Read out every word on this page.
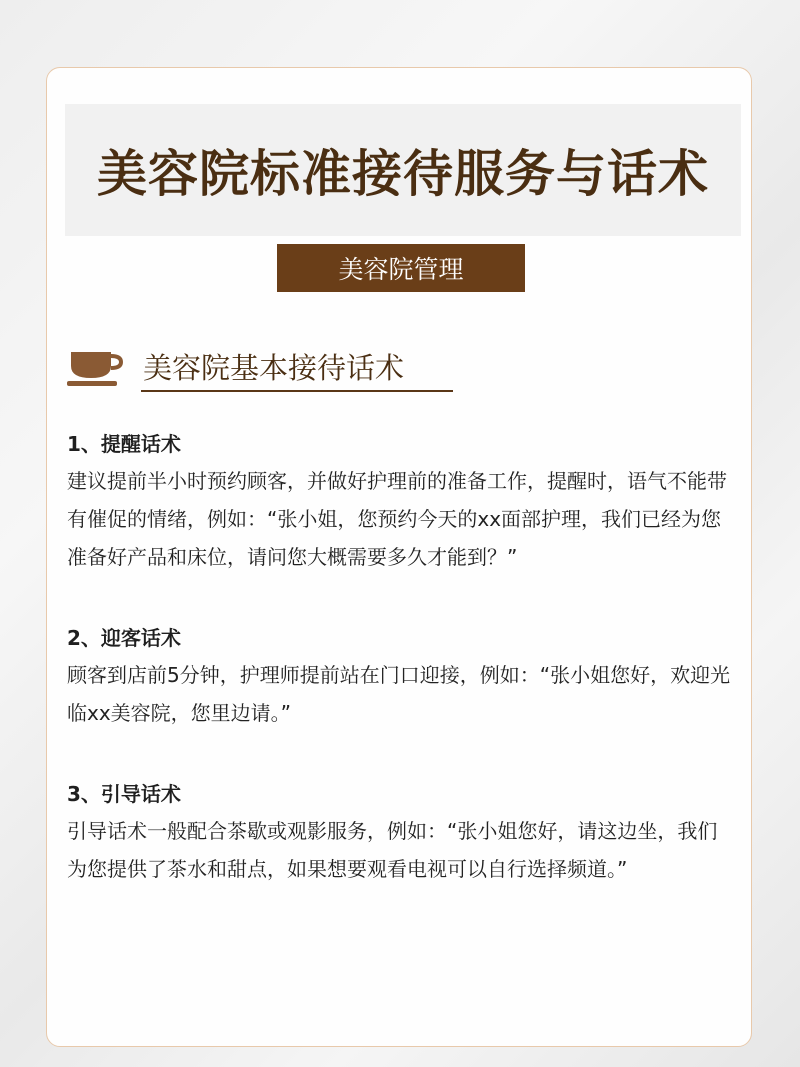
美容院标准接待服务与话术
美容院管理
美容院基本接待话术
1、提醒话术

建议提前半小时预约顾客，并做好护理前的准备工作，提醒时，语气不能带有催促的情绪，例如：“张小姐，您预约今天的xx面部护理，我们已经为您准备好产品和床位，请问您大概需要多久才能到？”

2、迎客话术

顾客到店前5分钟，护理师提前站在门口迎接，例如：“张小姐您好，欢迎光临xx美容院，您里边请。”

3、引导话术

引导话术一般配合茶歇或观影服务，例如：“张小姐您好，请这边坐，我们为您提供了茶水和甜点，如果想要观看电视可以自行选择频道。”
